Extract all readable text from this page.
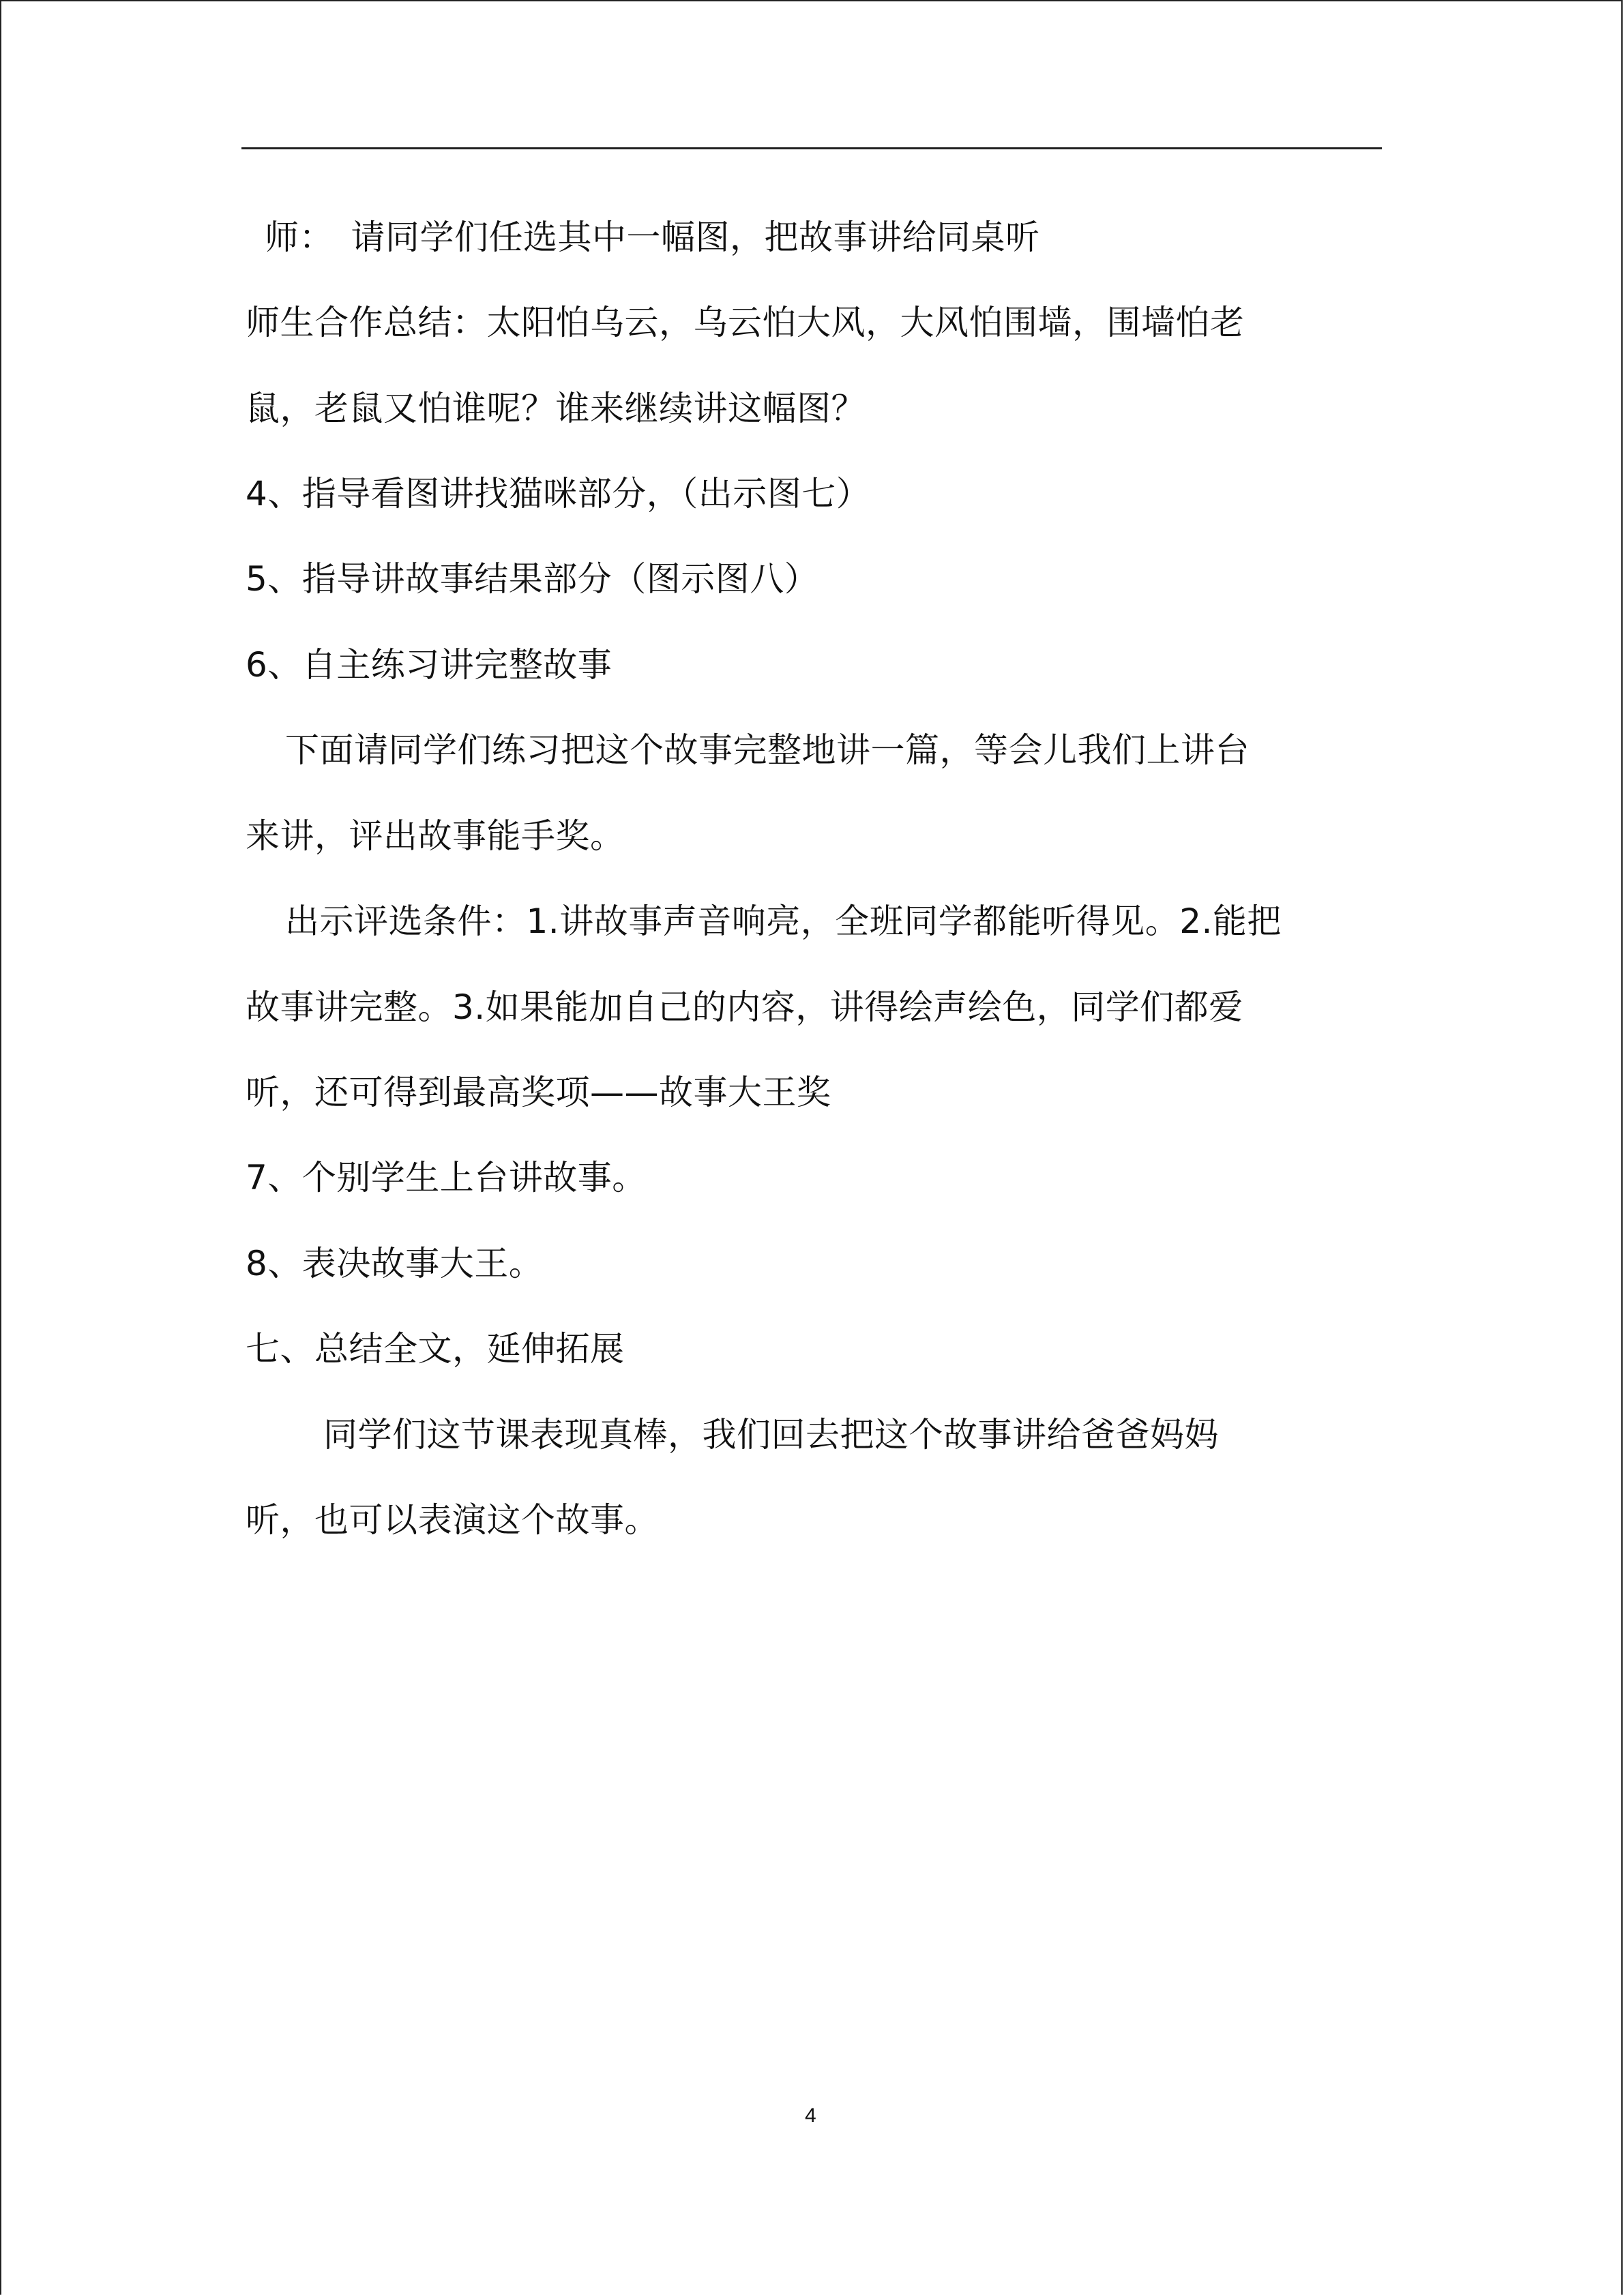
师：　请同学们任选其中一幅图，把故事讲给同桌听
师生合作总结：太阳怕乌云，乌云怕大风，大风怕围墙，围墙怕老
鼠，老鼠又怕谁呢？谁来继续讲这幅图？
4、指导看图讲找猫咪部分，（出示图七）
5、指导讲故事结果部分（图示图八）
6、自主练习讲完整故事
下面请同学们练习把这个故事完整地讲一篇，等会儿我们上讲台
来讲，评出故事能手奖。
出示评选条件：1.讲故事声音响亮，全班同学都能听得见。2.能把
故事讲完整。3.如果能加自己的内容，讲得绘声绘色，同学们都爱
听，还可得到最高奖项——故事大王奖
7、个别学生上台讲故事。
8、表决故事大王。
七、总结全文，延伸拓展
同学们这节课表现真棒，我们回去把这个故事讲给爸爸妈妈
听，也可以表演这个故事。
4
